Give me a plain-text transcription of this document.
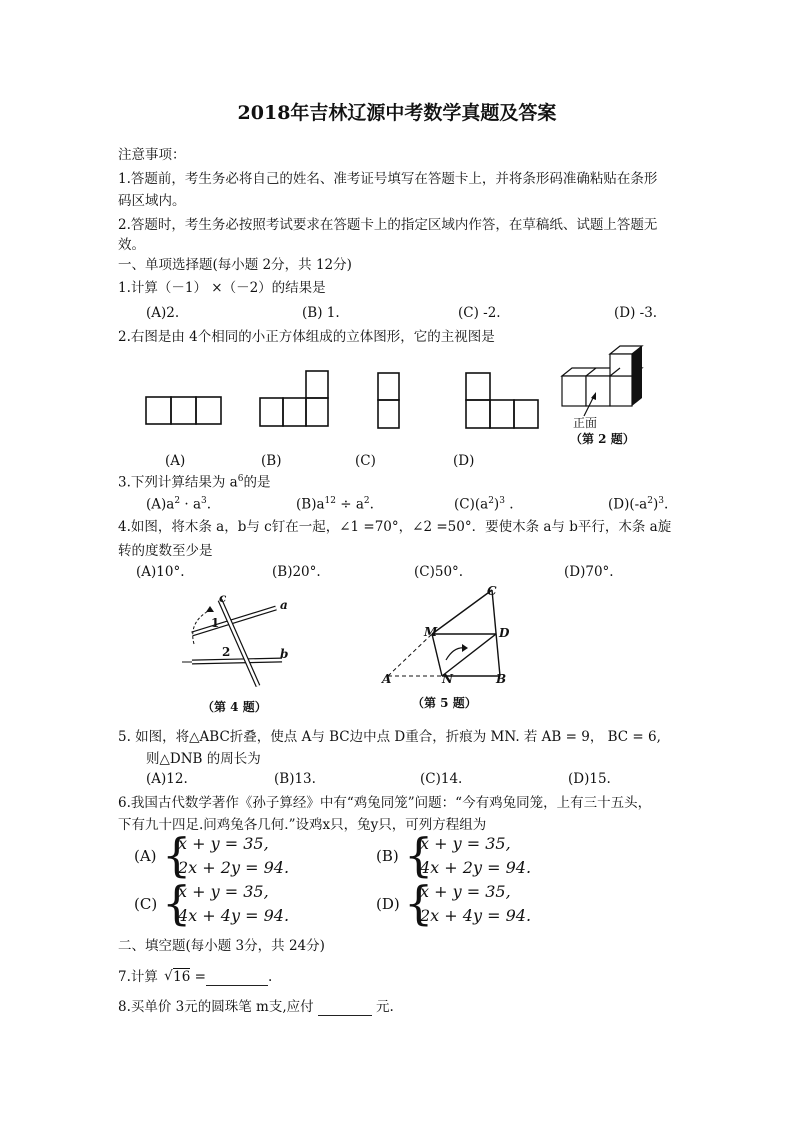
2018年吉林辽源中考数学真题及答案
注意事项：
1.答题前，考生务必将自己的姓名、准考证号填写在答题卡上，并将条形码准确粘贴在条形
码区域内。
2.答题时，考生务必按照考试要求在答题卡上的指定区域内作答，在草稿纸、试题上答题无
效。
一、单项选择题(每小题 2分，共 12分)
1.计算（－1） ×（－2）的结果是
(A)2.	(B) 1.	(C) -2.	(D) -3.
2.右图是由 4个相同的小正方体组成的立体图形，它的主视图是
正面
（第 2 题）
(A)	(B)	(C)	(D)
3.下列计算结果为 $a^6$的是
$(A)a^2 \cdot a^3$.	$(B)a^{12} \div a^2$.	$(C)(a^2)^3$ .	$(D)(-a^2)^3$.
4.如图，将木条 a，b与 c钉在一起，∠1 =70°，∠2 =50°．要使木条 a与 b平行，木条 a旋
转的度数至少是
(A)10°.	(B)20°.	(C)50°.	(D)70°.
c	a
1
2	b
（第 4 题）
C
M	D
A	N	B
（第 5 题）
5. 如图，将△ABC折叠，使点 A与 BC边中点 D重合，折痕为 MN. 若 AB = 9， BC = 6,
则△DNB 的周长为
(A)12.	(B)13.	(C)14.	(D)15.
6.我国古代数学著作《孙子算经》中有“鸡兔同笼”问题：“今有鸡兔同笼，上有三十五头，
下有九十四足.问鸡兔各几何.”设鸡x只，兔y只，可列方程组为
(A) {
x + y = 35,
2x + 2y = 94.
(B) {
x + y = 35,
4x + 2y = 94.
(C) {
x + y = 35,
4x + 4y = 94.
(D) {
x + y = 35,
2x + 4y = 94.
二、填空题(每小题 3分，共 24分)
7.计算 √ 16 =	.
8.买单价 3元的圆珠笔 m支,应付	元.
